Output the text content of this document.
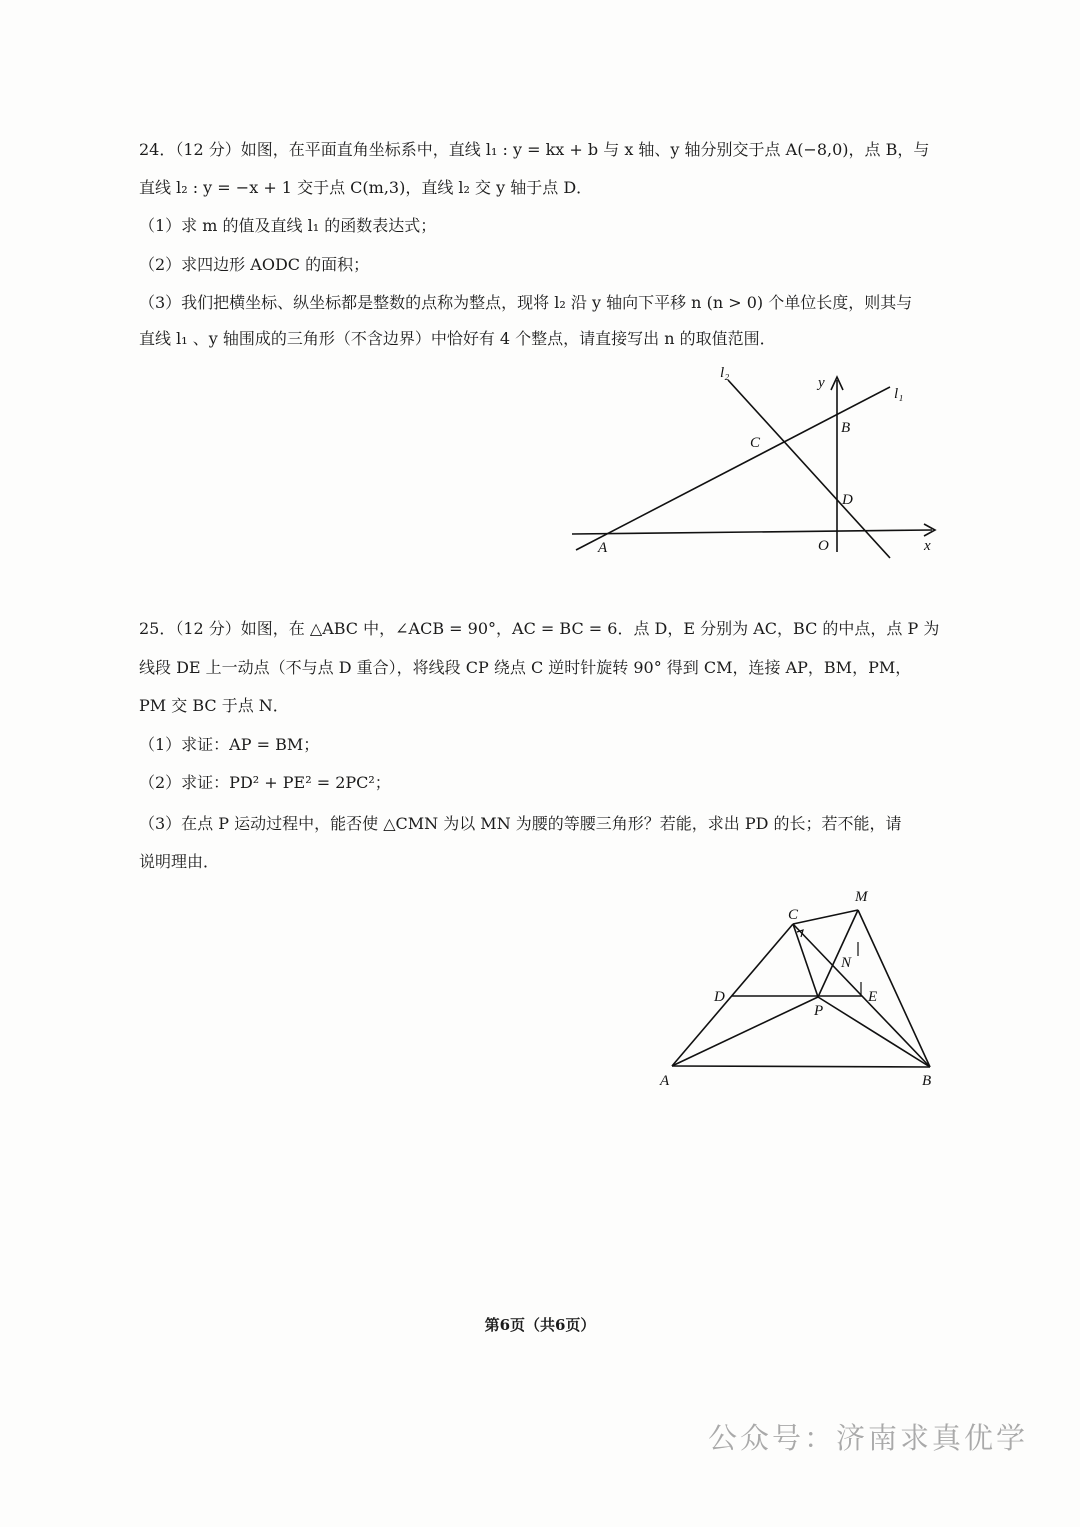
24．（12 分）如图，在平面直角坐标系中，直线 l₁ : y = kx + b 与 x 轴、y 轴分别交于点 A(−8,0)，点 B，与
直线 l₂ : y = −x + 1 交于点 C(m,3)，直线 l₂ 交 y 轴于点 D．
（1）求 m 的值及直线 l₁ 的函数表达式；
（2）求四边形 AODC 的面积；
（3）我们把横坐标、纵坐标都是整数的点称为整点，现将 l₂ 沿 y 轴向下平移 n (n > 0) 个单位长度，则其与
直线 l₁ 、y 轴围成的三角形（不含边界）中恰好有 4 个整点，请直接写出 n 的取值范围．
l₂
y
l₁
C
B
D
A	O	x
25．（12 分）如图，在 △ABC 中，∠ACB = 90°，AC = BC = 6．点 D，E 分别为 AC，BC 的中点，点 P 为
线段 DE 上一动点（不与点 D 重合），将线段 CP 绕点 C 逆时针旋转 90° 得到 CM，连接 AP，BM，PM，
PM 交 BC 于点 N．
（1）求证：AP = BM；
（2）求证：PD² + PE² = 2PC²；
（3）在点 P 运动过程中，能否使 △CMN 为以 MN 为腰的等腰三角形？若能，求出 PD 的长；若不能，请
说明理由．
C
M
N
D	E
P
A	B
第6页（共6页）
公众号：济南求真优学
